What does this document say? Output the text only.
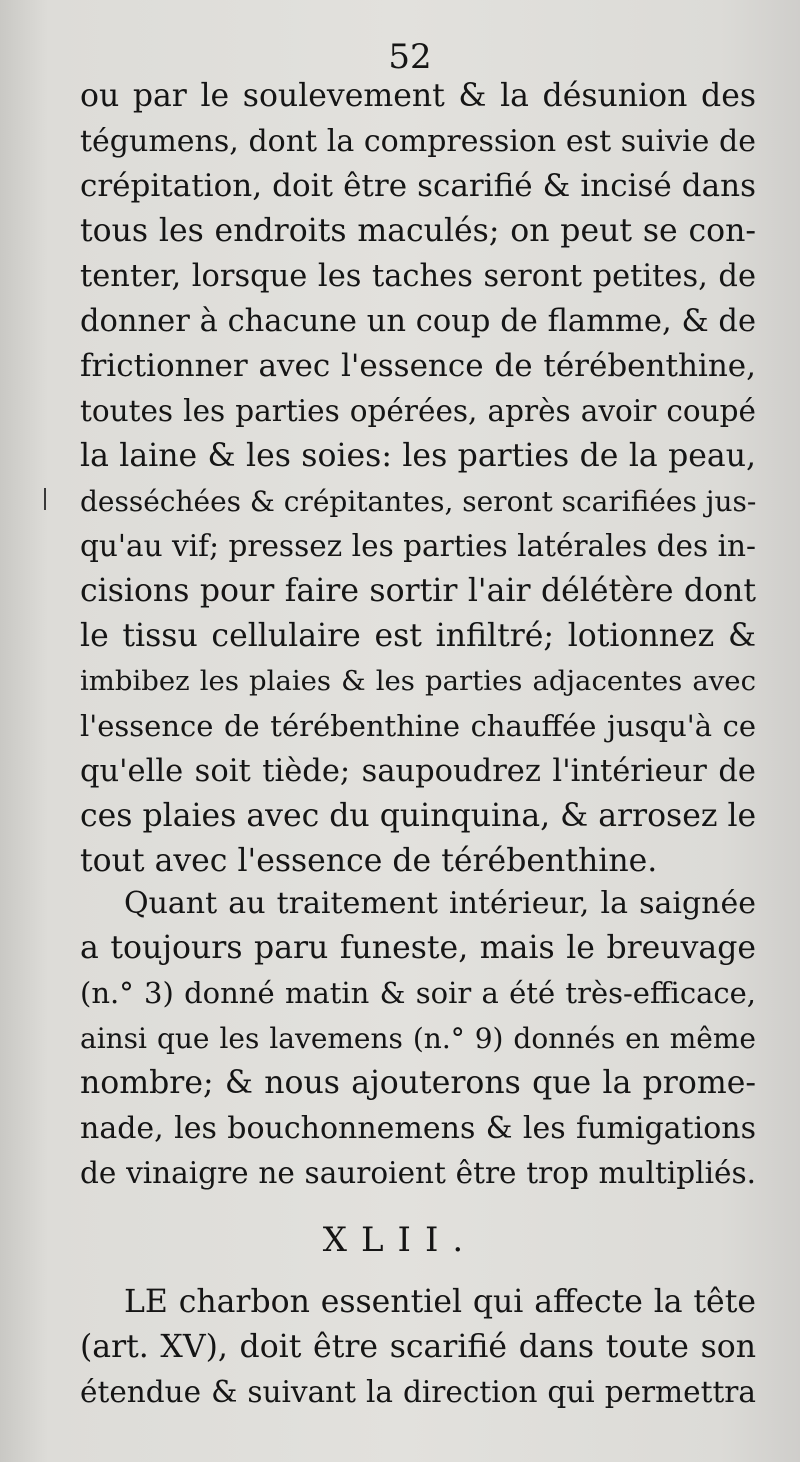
52
ou par le soulevement & la désunion des
tégumens, dont la compression est suivie de
crépitation, doit être scarifié & incisé dans
tous les endroits maculés; on peut se con-
tenter, lorsque les taches seront petites, de
donner à chacune un coup de flamme, & de
frictionner avec l'essence de térébenthine,
toutes les parties opérées, après avoir coupé
la laine & les soies: les parties de la peau,
desséchées & crépitantes, seront scarifiées jus-
qu'au vif; pressez les parties latérales des in-
cisions pour faire sortir l'air délétère dont
le tissu cellulaire est infiltré; lotionnez &
imbibez les plaies & les parties adjacentes avec
l'essence de térébenthine chauffée jusqu'à ce
qu'elle soit tiède; saupoudrez l'intérieur de
ces plaies avec du quinquina, & arrosez le
tout avec l'essence de térébenthine.
Quant au traitement intérieur, la saignée
a toujours paru funeste, mais le breuvage
(n.° 3) donné matin & soir a été très-efficace,
ainsi que les lavemens (n.° 9) donnés en même
nombre; & nous ajouterons que la prome-
nade, les bouchonnemens & les fumigations
de vinaigre ne sauroient être trop multipliés.
XLII.
LE charbon essentiel qui affecte la tête
(art. XV), doit être scarifié dans toute son
étendue & suivant la direction qui permettra
